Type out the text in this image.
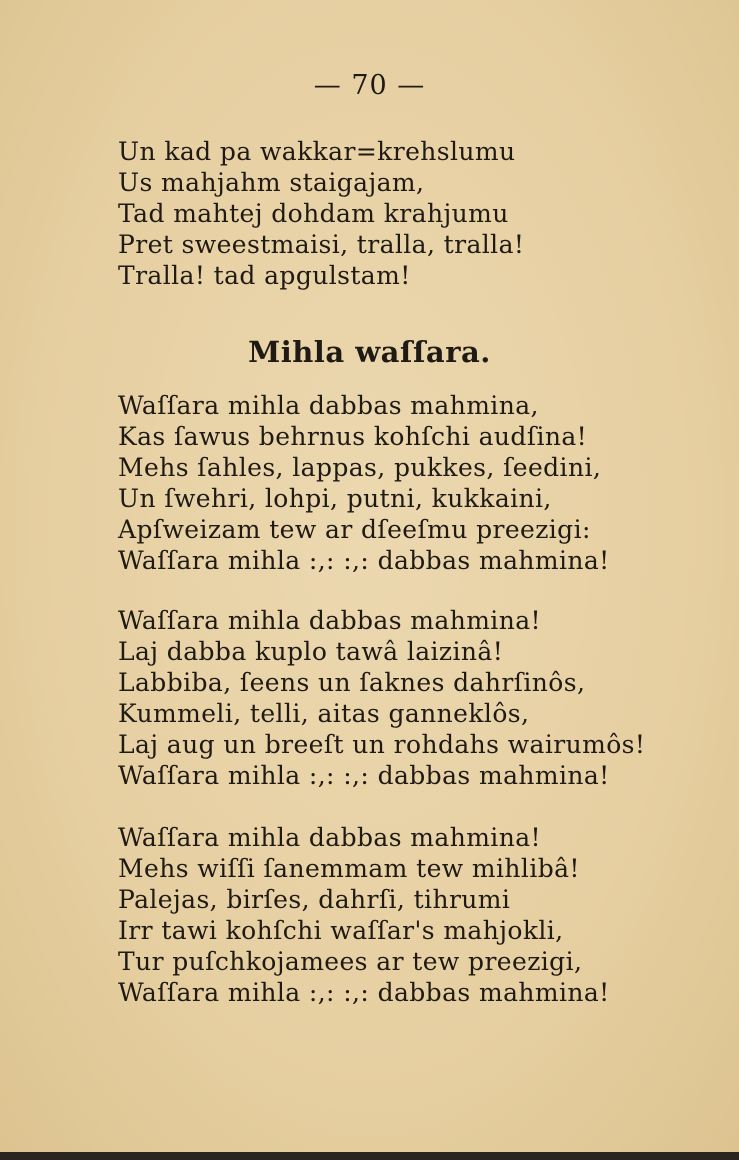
— 70 —
Un kad pa wakkar=krehslumu
Us mahjahm staigajam,
Tad mahtej dohdam krahjumu
Pret sweestmaisi, tralla, tralla!
Tralla! tad apgulstam!
Mihla waſſara.
Waſſara mihla dabbas mahmina,
Kas ſawus behrnus kohſchi audſina!
Mehs ſahles, lappas, pukkes, ſeedini,
Un ſwehri, lohpi, putni, kukkaini,
Apſweizam tew ar dſeeſmu preezigi:
Waſſara mihla :,: :,: dabbas mahmina!
Waſſara mihla dabbas mahmina!
Laj dabba kuplo tawâ laizinâ!
Labbiba, ſeens un ſaknes dahrſinôs,
Kummeli, telli, aitas ganneklôs,
Laj aug un breeſt un rohdahs wairumôs!
Waſſara mihla :,: :,: dabbas mahmina!
Waſſara mihla dabbas mahmina!
Mehs wiſſi ſanemmam tew mihlibâ!
Palejas, birſes, dahrſi, tihrumi
Irr tawi kohſchi waſſar's mahjokli,
Tur puſchkojamees ar tew preezigi,
Waſſara mihla :,: :,: dabbas mahmina!
